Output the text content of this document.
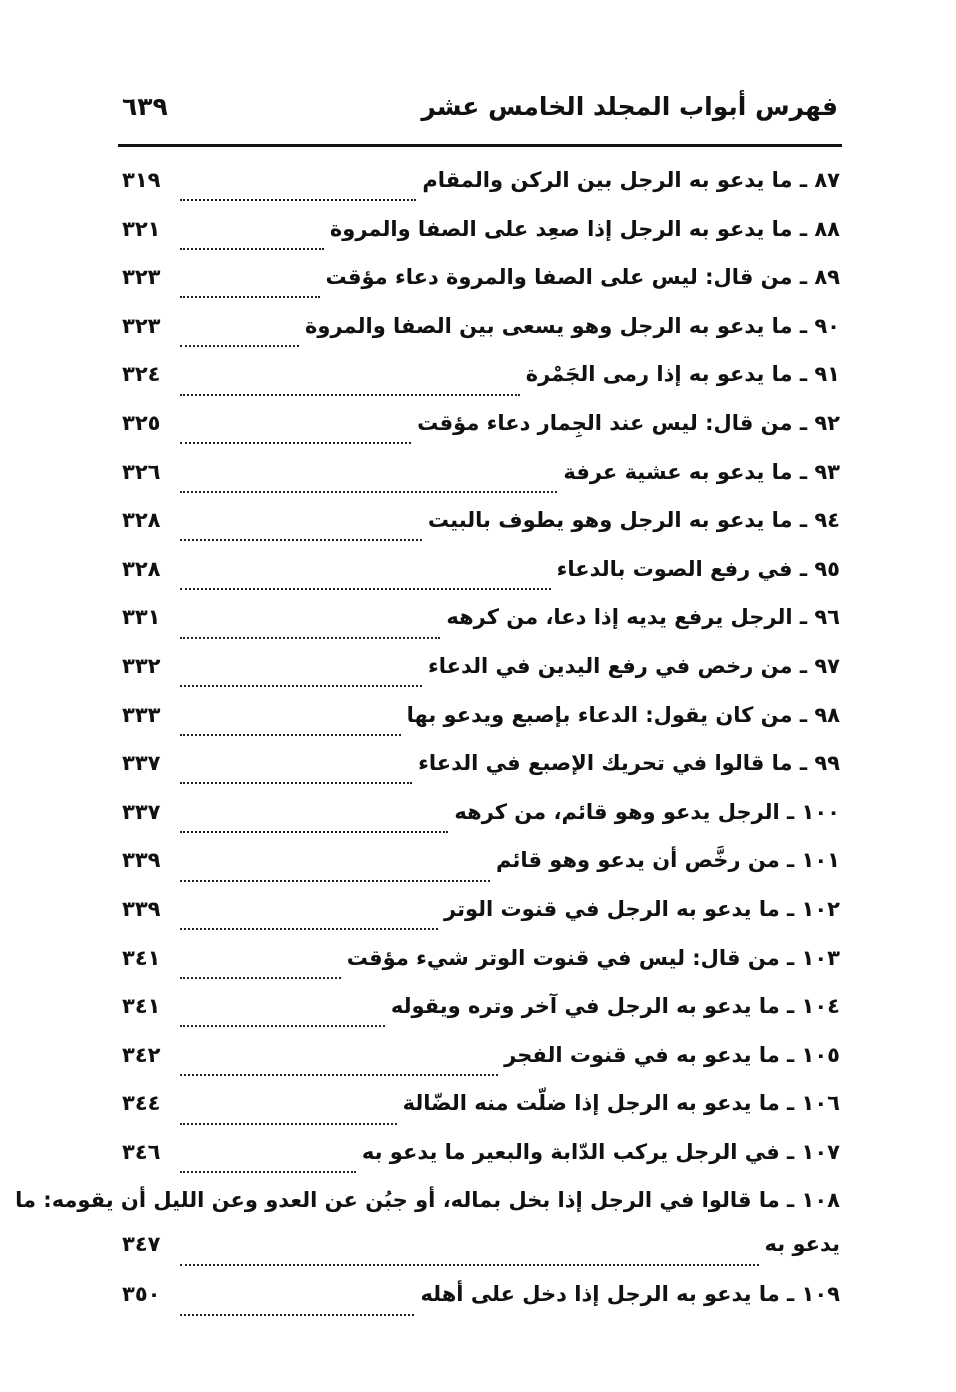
فهرس أبواب المجلد الخامس عشر
٦٣٩
٨٧ ـ ما يدعو به الرجل بين الركن والمقام
٣١٩
٨٨ ـ ما يدعو به الرجل إذا صعِد على الصفا والمروة
٣٢١
٨٩ ـ من قال: ليس على الصفا والمروة دعاء مؤقت
٣٢٣
٩٠ ـ ما يدعو به الرجل وهو يسعى بين الصفا والمروة
٣٢٣
٩١ ـ ما يدعو به إذا رمى الجَمْرة
٣٢٤
٩٢ ـ من قال: ليس عند الجِمار دعاء مؤقت
٣٢٥
٩٣ ـ ما يدعو به عشية عرفة
٣٢٦
٩٤ ـ ما يدعو به الرجل وهو يطوف بالبيت
٣٢٨
٩٥ ـ في رفع الصوت بالدعاء
٣٢٨
٩٦ ـ الرجل يرفع يديه إذا دعا، من كرهه
٣٣١
٩٧ ـ من رخص في رفع اليدين في الدعاء
٣٣٢
٩٨ ـ من كان يقول: الدعاء بإصبع ويدعو بها
٣٣٣
٩٩ ـ ما قالوا في تحريك الإصبع في الدعاء
٣٣٧
١٠٠ ـ الرجل يدعو وهو قائم، من كرهه
٣٣٧
١٠١ ـ من رخَّص أن يدعو وهو قائم
٣٣٩
١٠٢ ـ ما يدعو به الرجل في قنوت الوتر
٣٣٩
١٠٣ ـ من قال: ليس في قنوت الوتر شيء مؤقت
٣٤١
١٠٤ ـ ما يدعو به الرجل في آخر وتره ويقوله
٣٤١
١٠٥ ـ ما يدعو به في قنوت الفجر
٣٤٢
١٠٦ ـ ما يدعو به الرجل إذا ضلّت منه الضّالة
٣٤٤
١٠٧ ـ في الرجل يركب الدّابة والبعير ما يدعو به
٣٤٦
١٠٨ ـ ما قالوا في الرجل إذا بخل بماله، أو جبُن عن العدو وعن الليل أن يقومه: ما
يدعو به
٣٤٧
١٠٩ ـ ما يدعو به الرجل إذا دخل على أهله
٣٥٠
